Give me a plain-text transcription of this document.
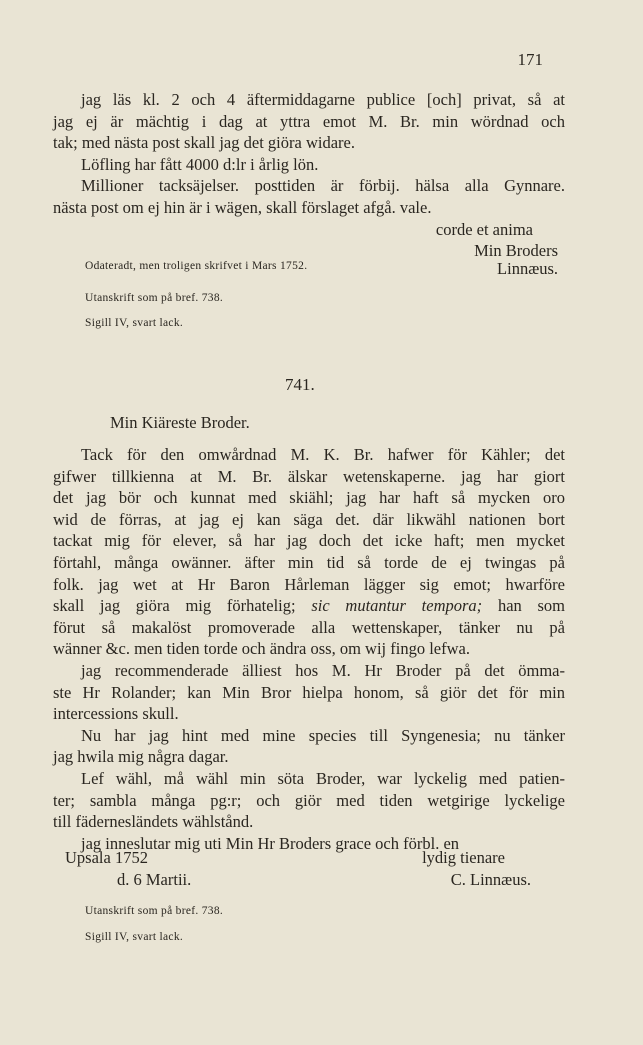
171
jag läs kl. 2 och 4 äftermiddagarne publice [och] privat, så at
jag ej är mächtig i dag at yttra emot M. Br. min wördnad och
tak; med nästa post skall jag det giöra widare.
Löfling har fått 4000 d:lr i årlig lön.
Millioner tacksäjelser. posttiden är förbij. hälsa alla Gynnare.
nästa post om ej hin är i wägen, skall förslaget afgå. vale.
corde et anima
Min Broders
Odateradt, men troligen skrifvet i Mars 1752.	Linnæus.
Utanskrift som på bref. 738.
Sigill IV, svart lack.
741.
Min Kiäreste Broder.
Tack för den omwårdnad M. K. Br. hafwer för Kähler; det
gifwer tillkienna at M. Br. älskar wetenskaperne. jag har giort
det jag bör och kunnat med skiähl; jag har haft så mycken oro
wid de förras, at jag ej kan säga det. där likwähl nationen bort
tackat mig för elever, så har jag doch det icke haft; men mycket
förtahl, många owänner. äfter min tid så torde de ej twingas på
folk. jag wet at Hr Baron Hårleman lägger sig emot; hwarföre
skall jag giöra mig förhatelig; sic mutantur tempora; han som
förut så makalöst promoverade alla wettenskaper, tänker nu på
wänner &c. men tiden torde och ändra oss, om wij fingo lefwa.
jag recommenderade älliest hos M. Hr Broder på det ömma-
ste Hr Rolander; kan Min Bror hielpa honom, så giör det för min
intercessions skull.
Nu har jag hint med mine species till Syngenesia; nu tänker
jag hwila mig några dagar.
Lef wähl, må wähl min söta Broder, war lyckelig med patien-
ter; sambla många pg:r; och giör med tiden wetgirige lyckelige
till fädernesländets wählstånd.
jag inneslutar mig uti Min Hr Broders grace och förbl. en
Upsala 1752
d. 6 Martii.
lydig tienare
C. Linnæus.
Utanskrift som på bref. 738.
Sigill IV, svart lack.
